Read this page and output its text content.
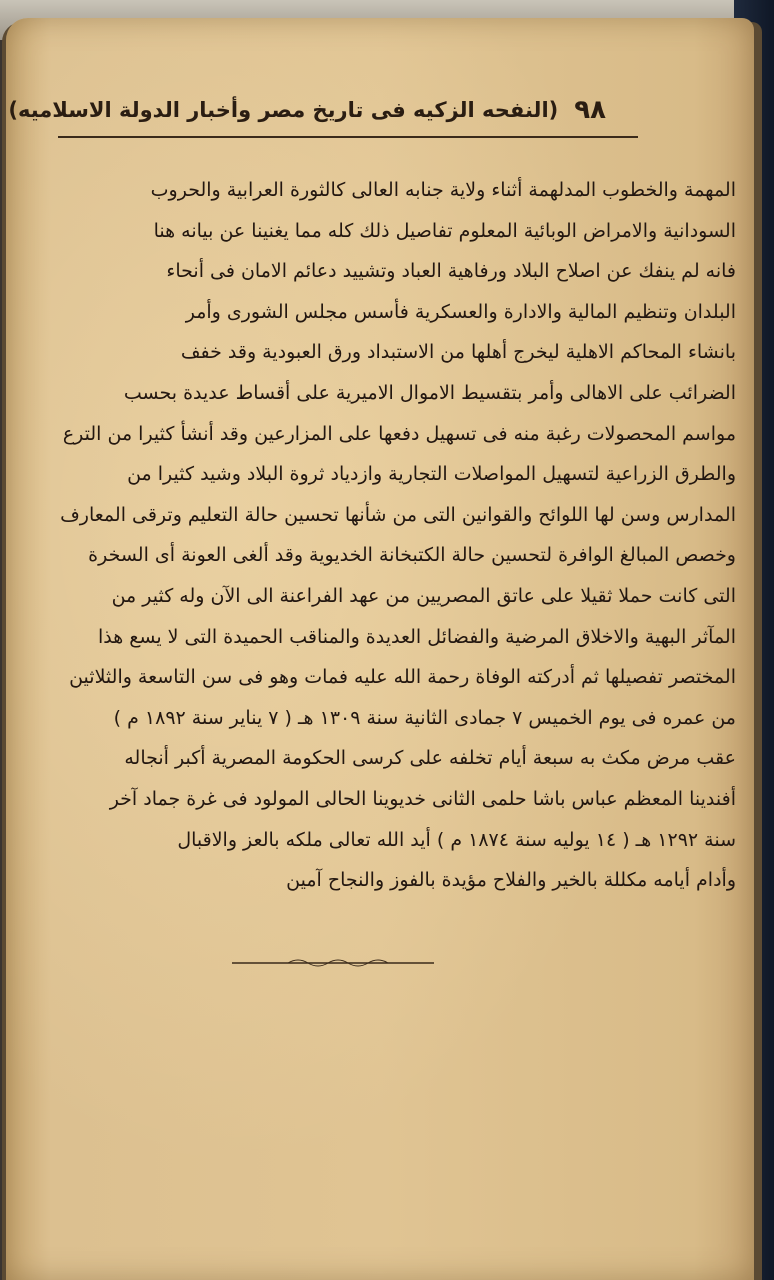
٩٨
(النفحه الزكيه فى تاريخ مصر وأخبار الدولة الاسلاميه)
المهمة والخطوب المدلهمة أثناء ولاية جنابه العالى كالثورة العرابية والحروب
السودانية والامراض الوبائية المعلوم تفاصيل ذلك كله مما يغنينا عن بيانه هنا
فانه لم ينفك عن اصلاح البلاد ورفاهية العباد وتشييد دعائم الامان فى أنحاء
البلدان وتنظيم المالية والادارة والعسكرية فأسس مجلس الشورى وأمر
بانشاء المحاكم الاهلية ليخرج أهلها من الاستبداد ورق العبودية وقد خفف
الضرائب على الاهالى وأمر بتقسيط الاموال الاميرية على أقساط عديدة بحسب
مواسم المحصولات رغبة منه فى تسهيل دفعها على المزارعين وقد أنشأ كثيرا من الترع
والطرق الزراعية لتسهيل المواصلات التجارية وازدياد ثروة البلاد وشيد كثيرا من
المدارس وسن لها اللوائح والقوانين التى من شأنها تحسين حالة التعليم وترقى المعارف
وخصص المبالغ الوافرة لتحسين حالة الكتبخانة الخديوية وقد ألغى العونة أى السخرة
التى كانت حملا ثقيلا على عاتق المصريين من عهد الفراعنة الى الآن وله كثير من
المآثر البهية والاخلاق المرضية والفضائل العديدة والمناقب الحميدة التى لا يسع هذا
المختصر تفصيلها ثم أدركته الوفاة رحمة الله عليه فمات وهو فى سن التاسعة والثلاثين
من عمره فى يوم الخميس ٧ جمادى الثانية سنة ١٣٠٩ هـ ( ٧ يناير سنة ١٨٩٢ م )
عقب مرض مكث به سبعة أيام تخلفه على كرسى الحكومة المصرية أكبر أنجاله
أفندينا المعظم عباس باشا حلمى الثانى خديوينا الحالى المولود فى غرة جماد آخر
سنة ١٢٩٢ هـ ( ١٤ يوليه سنة ١٨٧٤ م ) أيد الله تعالى ملكه بالعز والاقبال
وأدام أيامه مكللة بالخير والفلاح مؤيدة بالفوز والنجاح آمين
